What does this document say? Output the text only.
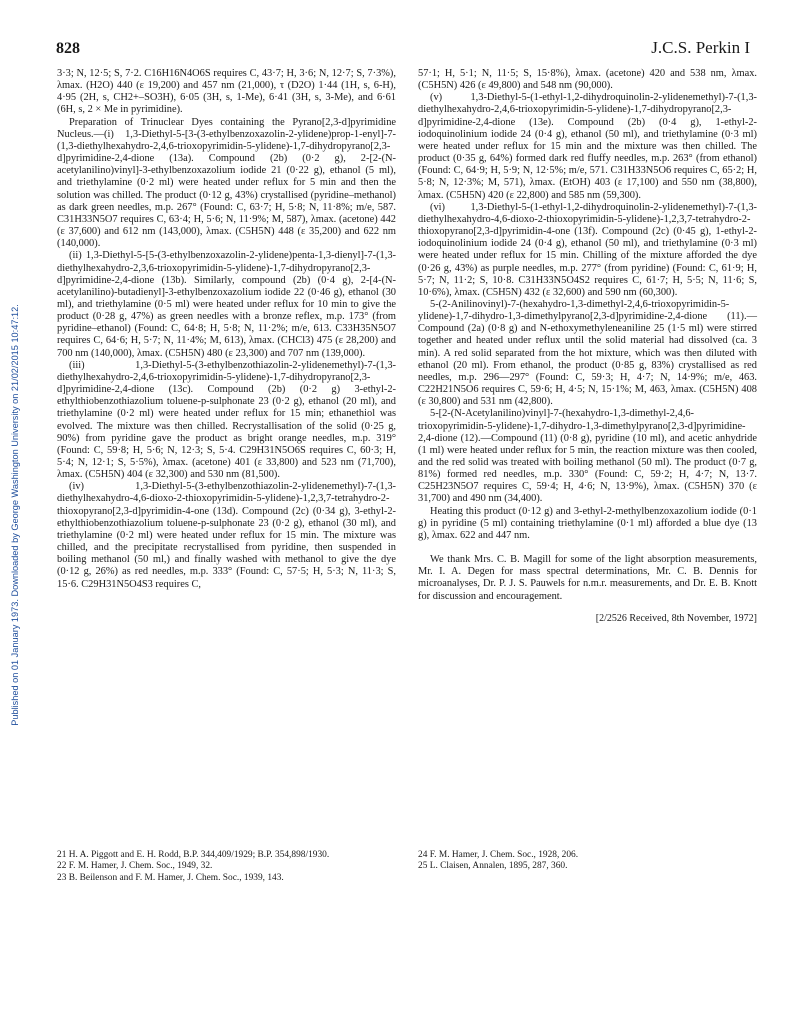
Published on 01 January 1973. Downloaded by George Washington University on 21/02/2015 10:47:12.
828	J.C.S. Perkin I

3·3; N, 12·5; S, 7·2. C16H16N4O6S requires C, 43·7; H, 3·6; N, 12·7; S, 7·3%), λmax. (H2O) 440 (ε 19,200) and 457 nm (21,000), τ (D2O) 1·44 (1H, s, 6-H), 4·95 (2H, s, CH2+–SO3H), 6·05 (3H, s, 1-Me), 6·41 (3H, s, 3-Me), and 6·61 (6H, s, 2 × Me in pyrimidine).

Preparation of Trinuclear Dyes containing the Pyrano[2,3-d]pyrimidine Nucleus.—(i) 1,3-Diethyl-5-[3-(3-ethylbenzoxazolin-2-ylidene)prop-1-enyl]-7-(1,3-diethylhexahydro-2,4,6-trioxopyrimidin-5-ylidene)-1,7-dihydropyrano[2,3-d]pyrimidine-2,4-dione (13a). Compound (2b) (0·2 g), 2-[2-(N-acetylanilino)vinyl]-3-ethylbenzoxazolium iodide 21 (0·22 g), ethanol (5 ml), and triethylamine (0·2 ml) were heated under reflux for 5 min and then the solution was chilled. The product (0·12 g, 43%) crystallised (pyridine–methanol) as dark green needles, m.p. 267° (Found: C, 63·7; H, 5·8; N, 11·8%; m/e, 587. C31H33N5O7 requires C, 63·4; H, 5·6; N, 11·9%; M, 587), λmax. (acetone) 442 (ε 37,600) and 612 nm (143,000), λmax. (C5H5N) 448 (ε 35,200) and 622 nm (140,000).

(ii) 1,3-Diethyl-5-[5-(3-ethylbenzoxazolin-2-ylidene)penta-1,3-dienyl]-7-(1,3-diethylhexahydro-2,3,6-trioxopyrimidin-5-ylidene)-1,7-dihydropyrano[2,3-d]pyrimidine-2,4-dione (13b). Similarly, compound (2b) (0·4 g), 2-[4-(N-acetylanilino)-butadienyl]-3-ethylbenzoxazolium iodide 22 (0·46 g), ethanol (30 ml), and triethylamine (0·5 ml) were heated under reflux for 10 min to give the product (0·28 g, 47%) as green needles with a bronze reflex, m.p. 173° (from pyridine–ethanol) (Found: C, 64·8; H, 5·8; N, 11·2%; m/e, 613. C33H35N5O7 requires C, 64·6; H, 5·7; N, 11·4%; M, 613), λmax. (CHCl3) 475 (ε 28,200) and 700 nm (140,000), λmax. (C5H5N) 480 (ε 23,300) and 707 nm (139,000).

(iii) 1,3-Diethyl-5-(3-ethylbenzothiazolin-2-ylidenemethyl)-7-(1,3-diethylhexahydro-2,4,6-trioxopyrimidin-5-ylidene)-1,7-dihydropyrano[2,3-d]pyrimidine-2,4-dione (13c). Compound (2b) (0·2 g) 3-ethyl-2-ethylthiobenzothiazolium toluene-p-sulphonate 23 (0·2 g), ethanol (20 ml), and triethylamine (0·2 ml) were heated under reflux for 15 min; ethanethiol was evolved. The mixture was then chilled. Recrystallisation of the solid (0·25 g, 90%) from pyridine gave the product as bright orange needles, m.p. 319° (Found: C, 59·8; H, 5·6; N, 12·3; S, 5·4. C29H31N5O6S requires C, 60·3; H, 5·4; N, 12·1; S, 5·5%), λmax. (acetone) 401 (ε 33,800) and 523 nm (71,700), λmax. (C5H5N) 404 (ε 32,300) and 530 nm (81,500).

(iv) 1,3-Diethyl-5-(3-ethylbenzothiazolin-2-ylidenemethyl)-7-(1,3-diethylhexahydro-4,6-dioxo-2-thioxopyrimidin-5-ylidene)-1,2,3,7-tetrahydro-2-thioxopyrano[2,3-d]pyrimidin-4-one (13d). Compound (2c) (0·34 g), 3-ethyl-2-ethylthiobenzothiazolium toluene-p-sulphonate 23 (0·2 g), ethanol (30 ml), and triethylamine (0·2 ml) were heated under reflux for 15 min. The mixture was chilled, and the precipitate recrystallised from pyridine, then suspended in boiling methanol (50 ml,) and finally washed with methanol to give the dye (0·12 g, 26%) as red needles, m.p. 333° (Found: C, 57·5; H, 5·3; N, 11·3; S, 15·6. C29H31N5O4S3 requires C,

57·1; H, 5·1; N, 11·5; S, 15·8%), λmax. (acetone) 420 and 538 nm, λmax. (C5H5N) 426 (ε 49,800) and 548 nm (90,000).

(v) 1,3-Diethyl-5-(1-ethyl-1,2-dihydroquinolin-2-ylidenemethyl)-7-(1,3-diethylhexahydro-2,4,6-trioxopyrimidin-5-ylidene)-1,7-dihydropyrano[2,3-d]pyrimidine-2,4-dione (13e). Compound (2b) (0·4 g), 1-ethyl-2-iodoquinolinium iodide 24 (0·4 g), ethanol (50 ml), and triethylamine (0·3 ml) were heated under reflux for 15 min and the mixture was then chilled. The product (0·35 g, 64%) formed dark red fluffy needles, m.p. 263° (from ethanol) (Found: C, 64·9; H, 5·9; N, 12·5%; m/e, 571. C31H33N5O6 requires C, 65·2; H, 5·8; N, 12·3%; M, 571), λmax. (EtOH) 403 (ε 17,100) and 550 nm (38,800), λmax. (C5H5N) 420 (ε 22,800) and 585 nm (59,300).

(vi) 1,3-Diethyl-5-(1-ethyl-1,2-dihydroquinolin-2-ylidenemethyl)-7-(1,3-diethylhexahydro-4,6-dioxo-2-thioxopyrimidin-5-ylidene)-1,2,3,7-tetrahydro-2-thioxopyrano[2,3-d]pyrimidin-4-one (13f). Compound (2c) (0·45 g), 1-ethyl-2-iodoquinolinium iodide 24 (0·4 g), ethanol (50 ml), and triethylamine (0·3 ml) were heated under reflux for 15 min. Chilling of the mixture afforded the dye (0·26 g, 43%) as purple needles, m.p. 277° (from pyridine) (Found: C, 61·9; H, 5·7; N, 11·2; S, 10·8. C31H33N5O4S2 requires C, 61·7; H, 5·5; N, 11·6; S, 10·6%), λmax. (C5H5N) 432 (ε 32,600) and 590 nm (60,300).

5-(2-Anilinovinyl)-7-(hexahydro-1,3-dimethyl-2,4,6-trioxopyrimidin-5-ylidene)-1,7-dihydro-1,3-dimethylpyrano[2,3-d]pyrimidine-2,4-dione (11).—Compound (2a) (0·8 g) and N-ethoxymethyleneaniline 25 (1·5 ml) were stirred together and heated under reflux until the solid material had dissolved (ca. 3 min). A red solid separated from the hot mixture, which was then diluted with ethanol (20 ml). From ethanol, the product (0·85 g, 83%) crystallised as red needles, m.p. 296—297° (Found: C, 59·3; H, 4·7; N, 14·9%; m/e, 463. C22H21N5O6 requires C, 59·6; H, 4·5; N, 15·1%; M, 463, λmax. (C5H5N) 408 (ε 30,800) and 531 nm (42,800).

5-[2-(N-Acetylanilino)vinyl]-7-(hexahydro-1,3-dimethyl-2,4,6-trioxopyrimidin-5-ylidene)-1,7-dihydro-1,3-dimethylpyrano[2,3-d]pyrimidine-2,4-dione (12).—Compound (11) (0·8 g), pyridine (10 ml), and acetic anhydride (1 ml) were heated under reflux for 5 min, the reaction mixture was then cooled, and the red solid was treated with boiling methanol (50 ml). The product (0·7 g, 81%) formed red needles, m.p. 330° (Found: C, 59·2; H, 4·7; N, 13·7. C25H23N5O7 requires C, 59·4; H, 4·6; N, 13·9%), λmax. (C5H5N) 370 (ε 31,700) and 490 nm (34,400).

Heating this product (0·12 g) and 3-ethyl-2-methylbenzoxazolium iodide (0·1 g) in pyridine (5 ml) containing triethylamine (0·1 ml) afforded a blue dye (13 g), λmax. 622 and 447 nm.

We thank Mrs. C. B. Magill for some of the light absorption measurements, Mr. I. A. Degen for mass spectral determinations, Mr. C. B. Dennis for microanalyses, Dr. P. J. S. Pauwels for n.m.r. measurements, and Dr. E. B. Knott for discussion and encouragement.

[2/2526 Received, 8th November, 1972]

21 H. A. Piggott and E. H. Rodd, B.P. 344,409/1929; B.P. 354,898/1930.

22 F. M. Hamer, J. Chem. Soc., 1949, 32.

23 B. Beilenson and F. M. Hamer, J. Chem. Soc., 1939, 143.

24 F. M. Hamer, J. Chem. Soc., 1928, 206.

25 L. Claisen, Annalen, 1895, 287, 360.
